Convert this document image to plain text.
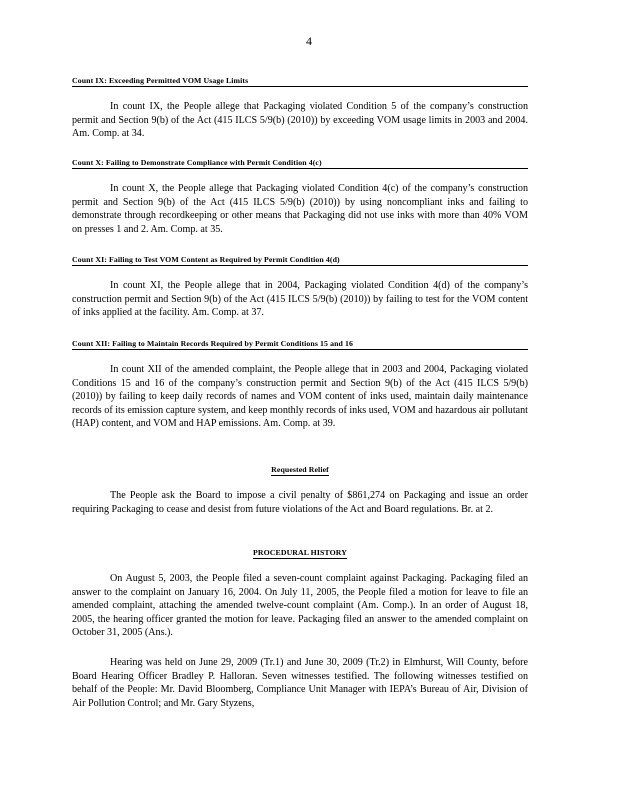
4
Count IX: Exceeding Permitted VOM Usage Limits

In count IX, the People allege that Packaging violated Condition 5 of the company’s construction permit and Section 9(b) of the Act (415 ILCS 5/9(b) (2010)) by exceeding VOM usage limits in 2003 and 2004. Am. Comp. at 34.

Count X: Failing to Demonstrate Compliance with Permit Condition 4(c)

In count X, the People allege that Packaging violated Condition 4(c) of the company’s construction permit and Section 9(b) of the Act (415 ILCS 5/9(b) (2010)) by using noncompliant inks and failing to demonstrate through recordkeeping or other means that Packaging did not use inks with more than 40% VOM on presses 1 and 2. Am. Comp. at 35.

Count XI: Failing to Test VOM Content as Required by Permit Condition 4(d)

In count XI, the People allege that in 2004, Packaging violated Condition 4(d) of the company’s construction permit and Section 9(b) of the Act (415 ILCS 5/9(b) (2010)) by failing to test for the VOM content of inks applied at the facility. Am. Comp. at 37.

Count XII: Failing to Maintain Records Required by Permit Conditions 15 and 16

In count XII of the amended complaint, the People allege that in 2003 and 2004, Packaging violated Conditions 15 and 16 of the company’s construction permit and Section 9(b) of the Act (415 ILCS 5/9(b) (2010)) by failing to keep daily records of names and VOM content of inks used, maintain daily maintenance records of its emission capture system, and keep monthly records of inks used, VOM and hazardous air pollutant (HAP) content, and VOM and HAP emissions. Am. Comp. at 39.

Requested Relief

The People ask the Board to impose a civil penalty of $861,274 on Packaging and issue an order requiring Packaging to cease and desist from future violations of the Act and Board regulations. Br. at 2.

PROCEDURAL HISTORY

On August 5, 2003, the People filed a seven-count complaint against Packaging. Packaging filed an answer to the complaint on January 16, 2004. On July 11, 2005, the People filed a motion for leave to file an amended complaint, attaching the amended twelve-count complaint (Am. Comp.). In an order of August 18, 2005, the hearing officer granted the motion for leave. Packaging filed an answer to the amended complaint on October 31, 2005 (Ans.).

Hearing was held on June 29, 2009 (Tr.1) and June 30, 2009 (Tr.2) in Elmhurst, Will County, before Board Hearing Officer Bradley P. Halloran. Seven witnesses testified. The following witnesses testified on behalf of the People: Mr. David Bloomberg, Compliance Unit Manager with IEPA’s Bureau of Air, Division of Air Pollution Control; and Mr. Gary Styzens,
